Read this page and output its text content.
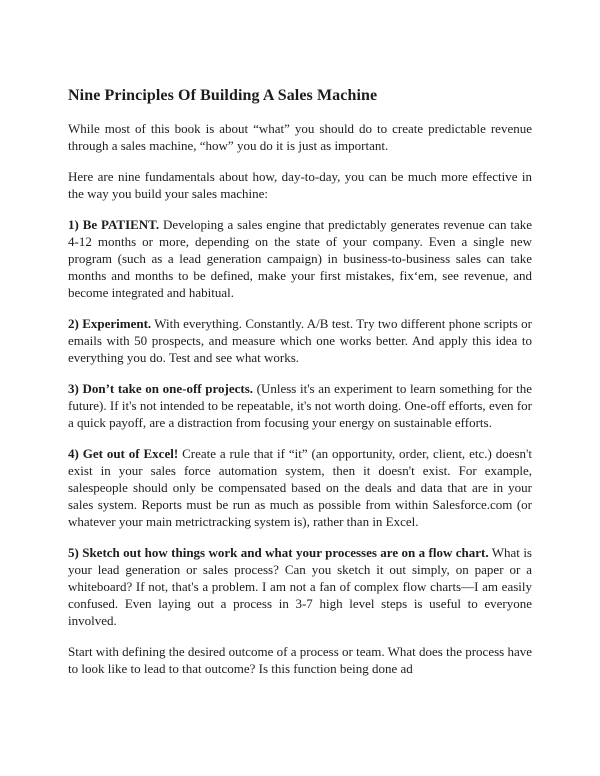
Nine Principles Of Building A Sales Machine

While most of this book is about “what” you should do to create predictable revenue through a sales machine, “how” you do it is just as important.

Here are nine fundamentals about how, day-to-day, you can be much more effective in the way you build your sales machine:

1) Be PATIENT. Developing a sales engine that predictably generates revenue can take 4-12 months or more, depending on the state of your company. Even a single new program (such as a lead generation campaign) in business-to-business sales can take months and months to be defined, make your first mistakes, fix‘em, see revenue, and become integrated and habitual.

2) Experiment. With everything. Constantly. A/B test. Try two different phone scripts or emails with 50 prospects, and measure which one works better. And apply this idea to everything you do. Test and see what works.

3) Don’t take on one-off projects. (Unless it's an experiment to learn something for the future). If it's not intended to be repeatable, it's not worth doing. One-off efforts, even for a quick payoff, are a distraction from focusing your energy on sustainable efforts.

4) Get out of Excel! Create a rule that if “it” (an opportunity, order, client, etc.) doesn't exist in your sales force automation system, then it doesn't exist. For example, salespeople should only be compensated based on the deals and data that are in your sales system. Reports must be run as much as possible from within Salesforce.com (or whatever your main metrictracking system is), rather than in Excel.

5) Sketch out how things work and what your processes are on a flow chart. What is your lead generation or sales process? Can you sketch it out simply, on paper or a whiteboard? If not, that's a problem. I am not a fan of complex flow charts—I am easily confused. Even laying out a process in 3-7 high level steps is useful to everyone involved.

Start with defining the desired outcome of a process or team. What does the process have to look like to lead to that outcome? Is this function being done ad
